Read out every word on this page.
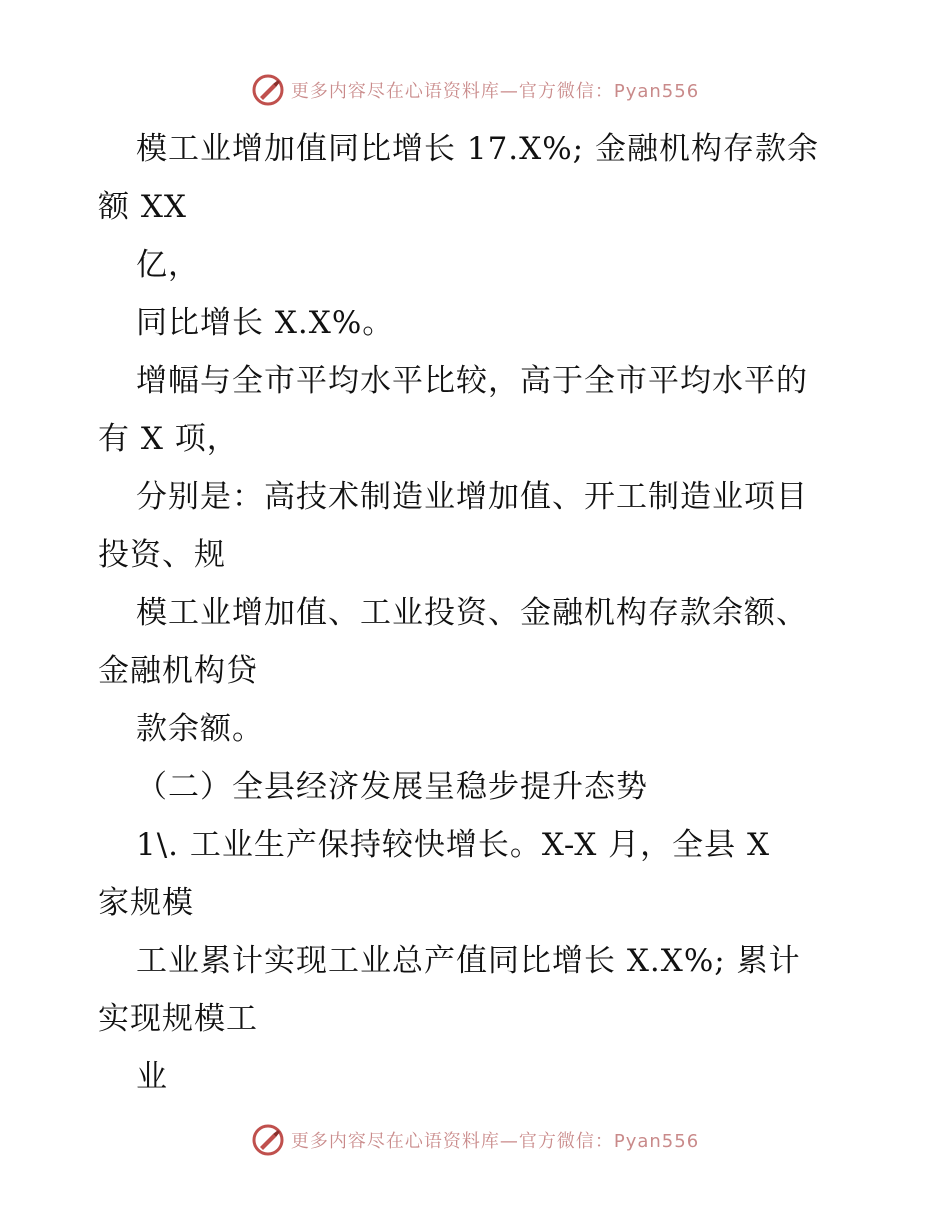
更多内容尽在心语资料库—官方微信：Pyan556
模工业增加值同比增长 17.X%; 金融机构存款余
额 XX
亿，
同比增长 X.X%。
增幅与全市平均水平比较，高于全市平均水平的
有 X 项，
分别是：高技术制造业增加值、开工制造业项目
投资、规
模工业增加值、工业投资、金融机构存款余额、
金融机构贷
款余额。
（二）全县经济发展呈稳步提升态势
1\. 工业生产保持较快增长。X-X 月，全县 X
家规模
工业累计实现工业总产值同比增长 X.X%; 累计
实现规模工
业
更多内容尽在心语资料库—官方微信：Pyan556
